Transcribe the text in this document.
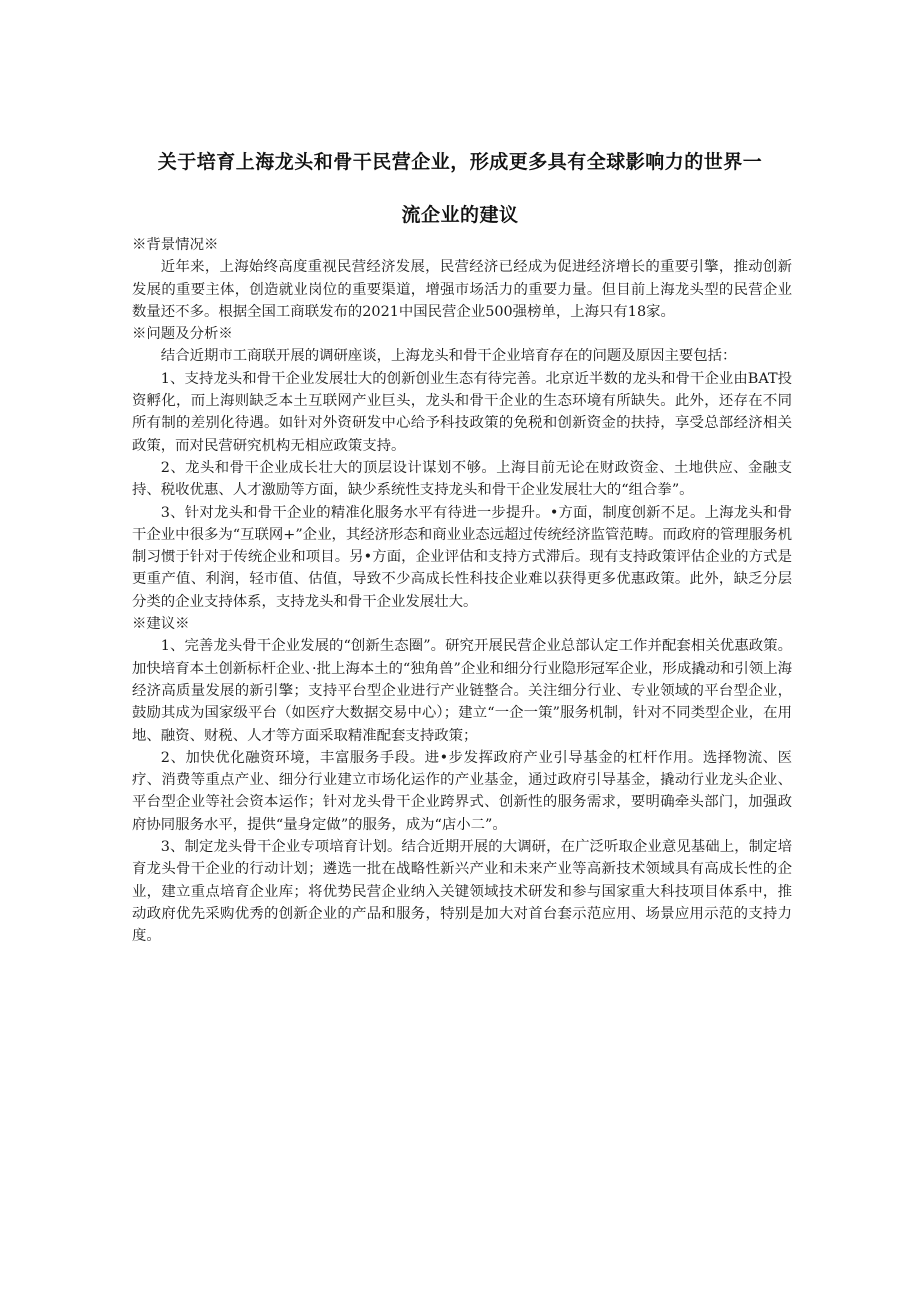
关于培育上海龙头和骨干民营企业，形成更多具有全球影响力的世界一
流企业的建议

※背景情况※

近年来，上海始终高度重视民营经济发展，民营经济已经成为促进经济增长的重要引擎，推动创新发展的重要主体，创造就业岗位的重要渠道，增强市场活力的重要力量。但目前上海龙头型的民营企业数量还不多。根据全国工商联发布的2021中国民营企业500强榜单，上海只有18家。

※问题及分析※

结合近期市工商联开展的调研座谈，上海龙头和骨干企业培育存在的问题及原因主要包括：

1、支持龙头和骨干企业发展壮大的创新创业生态有待完善。北京近半数的龙头和骨干企业由BAT投资孵化，而上海则缺乏本土互联网产业巨头，龙头和骨干企业的生态环境有所缺失。此外，还存在不同所有制的差别化待遇。如针对外资研发中心给予科技政策的免税和创新资金的扶持，享受总部经济相关政策，而对民营研究机构无相应政策支持。

2、龙头和骨干企业成长壮大的顶层设计谋划不够。上海目前无论在财政资金、土地供应、金融支持、税收优惠、人才激励等方面，缺少系统性支持龙头和骨干企业发展壮大的“组合拳”。

3、针对龙头和骨干企业的精准化服务水平有待进一步提升。•方面，制度创新不足。上海龙头和骨干企业中很多为“互联网+”企业，其经济形态和商业业态远超过传统经济监管范畴。而政府的管理服务机制习惯于针对于传统企业和项目。另•方面，企业评估和支持方式滞后。现有支持政策评估企业的方式是更重产值、利润，轻市值、估值，导致不少高成长性科技企业难以获得更多优惠政策。此外，缺乏分层分类的企业支持体系，支持龙头和骨干企业发展壮大。

※建议※

1、完善龙头骨干企业发展的“创新生态圈”。研究开展民营企业总部认定工作并配套相关优惠政策。加快培育本土创新标杆企业、·批上海本土的“独角兽”企业和细分行业隐形冠军企业，形成撬动和引领上海经济高质量发展的新引擎；支持平台型企业进行产业链整合。关注细分行业、专业领域的平台型企业，鼓励其成为国家级平台（如医疗大数据交易中心）；建立“一企一策”服务机制，针对不同类型企业，在用地、融资、财税、人才等方面采取精准配套支持政策；

2、加快优化融资环境，丰富服务手段。进•步发挥政府产业引导基金的杠杆作用。选择物流、医疗、消费等重点产业、细分行业建立市场化运作的产业基金，通过政府引导基金，撬动行业龙头企业、平台型企业等社会资本运作；针对龙头骨干企业跨界式、创新性的服务需求，要明确牵头部门，加强政府协同服务水平，提供“量身定做”的服务，成为“店小二”。

3、制定龙头骨干企业专项培育计划。结合近期开展的大调研，在广泛听取企业意见基础上，制定培育龙头骨干企业的行动计划；遴选一批在战略性新兴产业和未来产业等高新技术领域具有高成长性的企业，建立重点培育企业库；将优势民营企业纳入关键领域技术研发和参与国家重大科技项目体系中，推动政府优先采购优秀的创新企业的产品和服务，特别是加大对首台套示范应用、场景应用示范的支持力度。
